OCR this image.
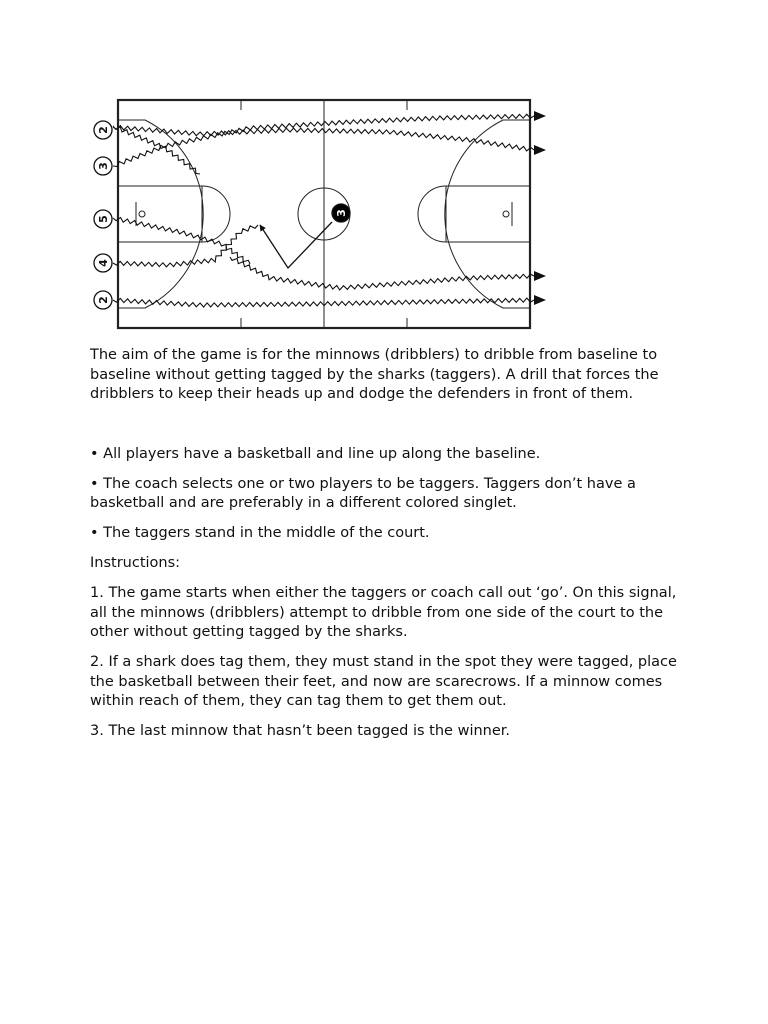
2
3
5
4
2
3

The aim of the game is for the minnows (dribblers) to dribble from baseline to baseline without getting tagged by the sharks (taggers). A drill that forces the dribblers to keep their heads up and dodge the defenders in front of them.

• All players have a basketball and line up along the baseline.

• The coach selects one or two players to be taggers. Taggers don’t have a basketball and are preferably in a different colored singlet.

• The taggers stand in the middle of the court.

Instructions:

1. The game starts when either the taggers or coach call out ‘go’. On this signal, all the minnows (dribblers) attempt to dribble from one side of the court to the other without getting tagged by the sharks.

2. If a shark does tag them, they must stand in the spot they were tagged, place the basketball between their feet, and now are scarecrows. If a minnow comes within reach of them, they can tag them to get them out.

3. The last minnow that hasn’t been tagged is the winner.
